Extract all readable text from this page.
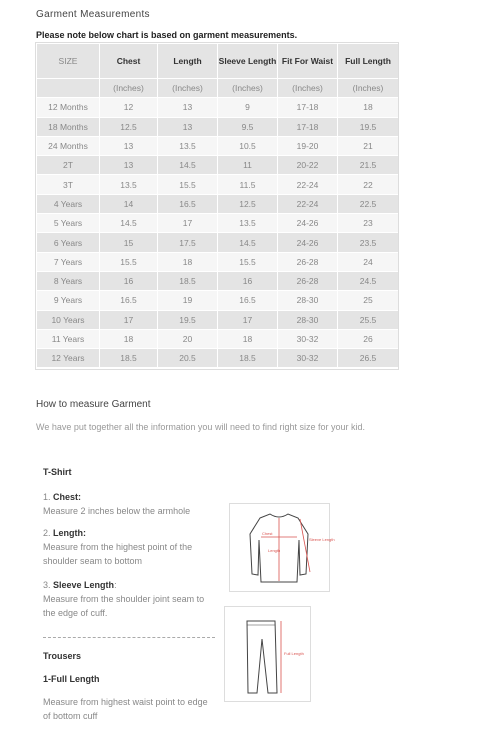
Garment Measurements
Please note below chart is based on garment measurements.
SIZE	Chest	Length	Sleeve Length	Fit For Waist	Full Length
	(Inches)	(Inches)	(Inches)	(Inches)	(Inches)
12 Months	12	13	9	17-18	18
18 Months	12.5	13	9.5	17-18	19.5
24 Months	13	13.5	10.5	19-20	21
2T	13	14.5	11	20-22	21.5
3T	13.5	15.5	11.5	22-24	22
4 Years	14	16.5	12.5	22-24	22.5
5 Years	14.5	17	13.5	24-26	23
6 Years	15	17.5	14.5	24-26	23.5
7 Years	15.5	18	15.5	26-28	24
8 Years	16	18.5	16	26-28	24.5
9 Years	16.5	19	16.5	28-30	25
10 Years	17	19.5	17	28-30	25.5
11 Years	18	20	18	30-32	26
12 Years	18.5	20.5	18.5	30-32	26.5
How to measure Garment
We have put together all the information you will need to find right size for your kid.
T-Shirt
1. Chest:
Measure 2 inches below the armhole
2. Length:
Measure from the highest point of the shoulder seam to bottom
3. Sleeve Length:
Measure from the shoulder joint seam to the edge of cuff.
Chest
Length
Sleeve Length
Trousers
1-Full Length
Measure from highest waist point to edge of bottom cuff
Full Length
